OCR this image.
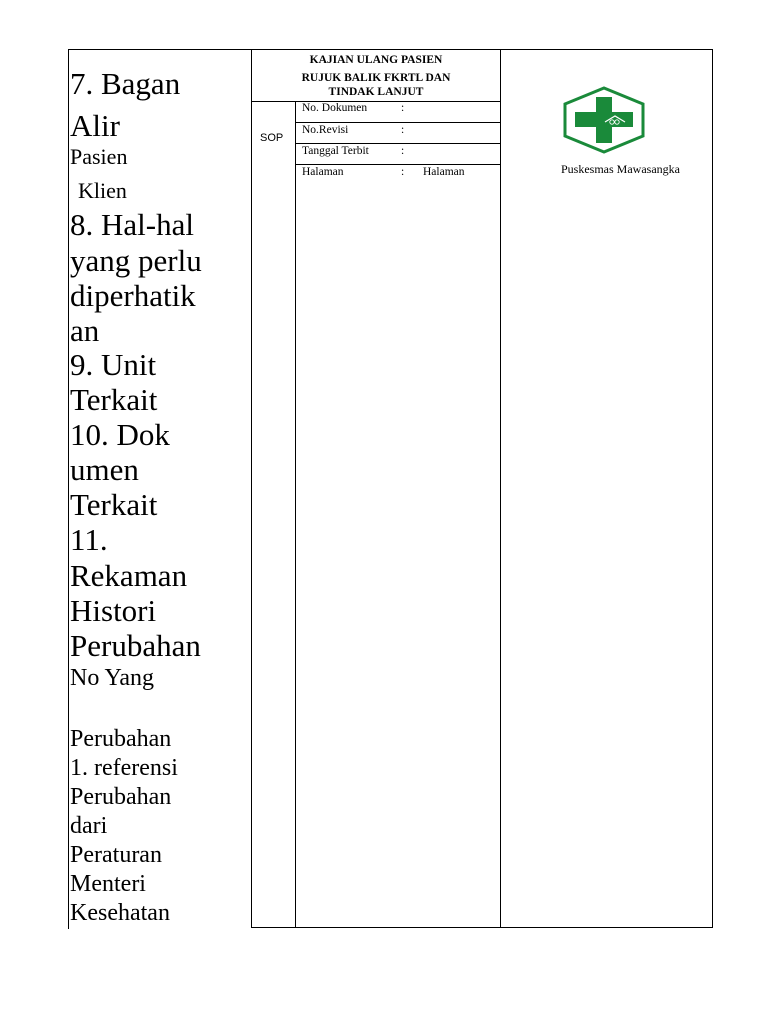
KAJIAN ULANG PASIEN
RUJUK BALIK FKRTL DAN
TINDAK LANJUT
SOP
No. Dokumen	:
No.Revisi	:
Tanggal Terbit	:
Halaman	: Halaman	Puskesmas Mawasangka
7. Bagan
Alir
Pasien
Klien
8. Hal-hal
yang perlu
diperhatik
an
9. Unit
Terkait
10. Dok
umen
Terkait
11.
Rekaman
Histori
Perubahan
No Yang
Perubahan
1. referensi
Perubahan
dari
Peraturan
Menteri
Kesehatan
